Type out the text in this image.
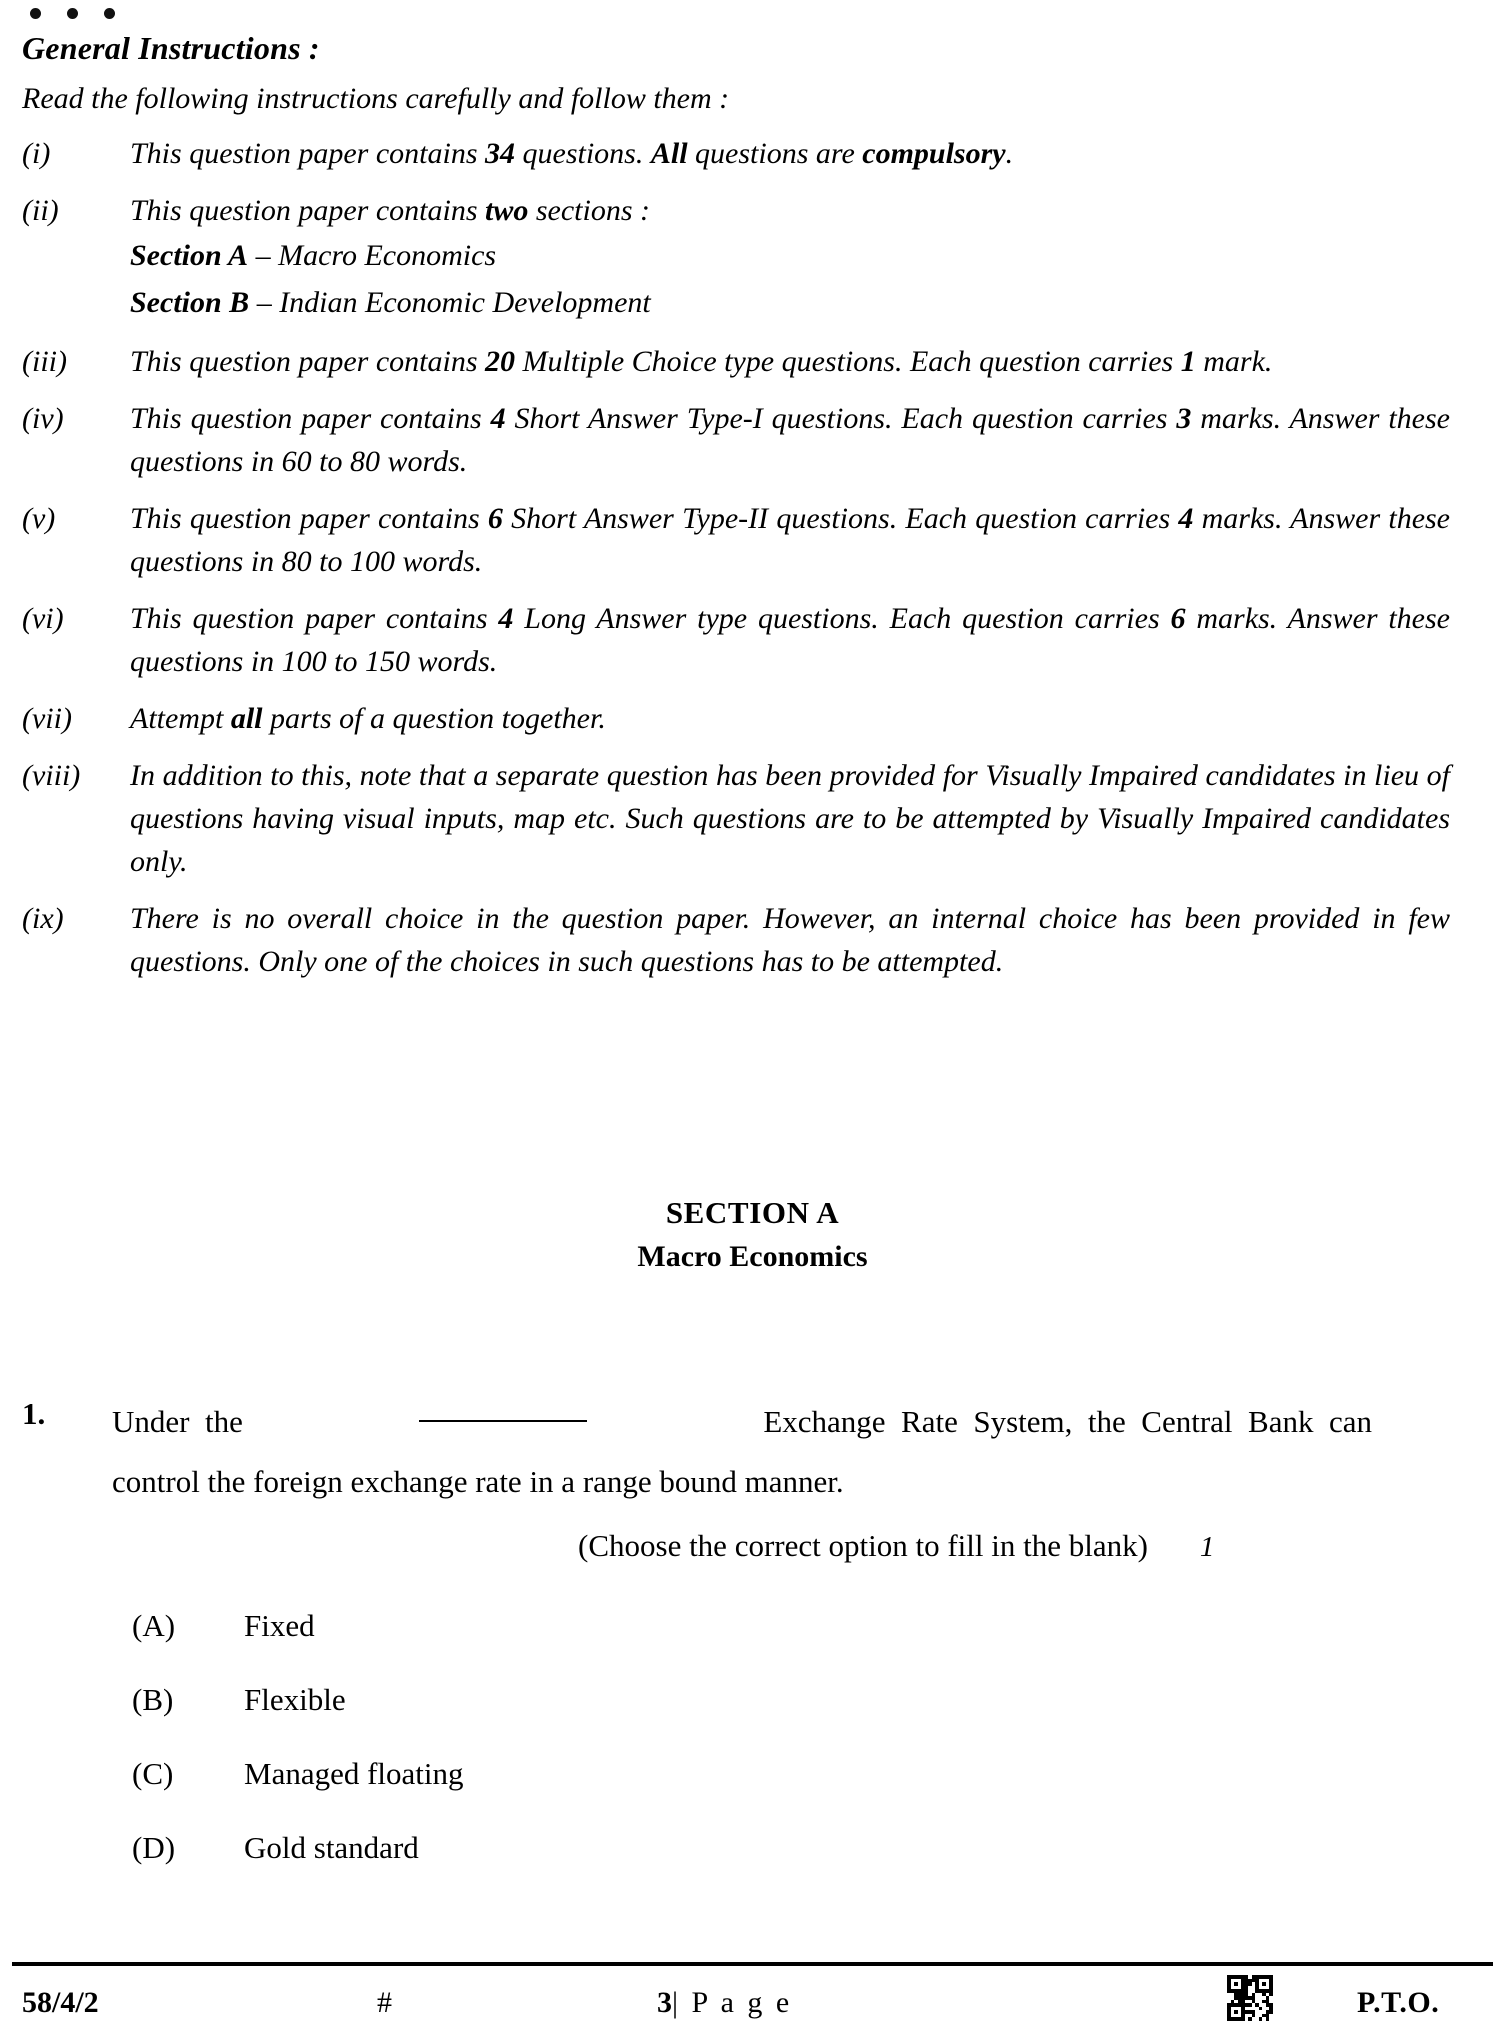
General Instructions :
Read the following instructions carefully and follow them :
(i)	This question paper contains 34 questions. All questions are compulsory.
(ii)	This question paper contains two sections :
Section A – Macro Economics
Section B – Indian Economic Development
(iii)	This question paper contains 20 Multiple Choice type questions. Each question carries 1 mark.
(iv)	This question paper contains 4 Short Answer Type-I questions. Each question carries 3 marks. Answer these questions in 60 to 80 words.
(v)	This question paper contains 6 Short Answer Type-II questions. Each question carries 4 marks. Answer these questions in 80 to 100 words.
(vi)	This question paper contains 4 Long Answer type questions. Each question carries 6 marks. Answer these questions in 100 to 150 words.
(vii)	Attempt all parts of a question together.
(viii)	In addition to this, note that a separate question has been provided for Visually Impaired candidates in lieu of questions having visual inputs, map etc. Such questions are to be attempted by Visually Impaired candidates only.
(ix)	There is no overall choice in the question paper. However, an internal choice has been provided in few questions. Only one of the choices in such questions has to be attempted.
SECTION A
Macro Economics
1.	Under  the	Exchange  Rate  System,  the  Central  Bank  can
control the foreign exchange rate in a range bound manner.
(Choose the correct option to fill in the blank) 1
(A)	Fixed
(B)	Flexible
(C)	Managed floating
(D)	Gold standard
58/4/2	#	3| P a g e	P.T.O.
